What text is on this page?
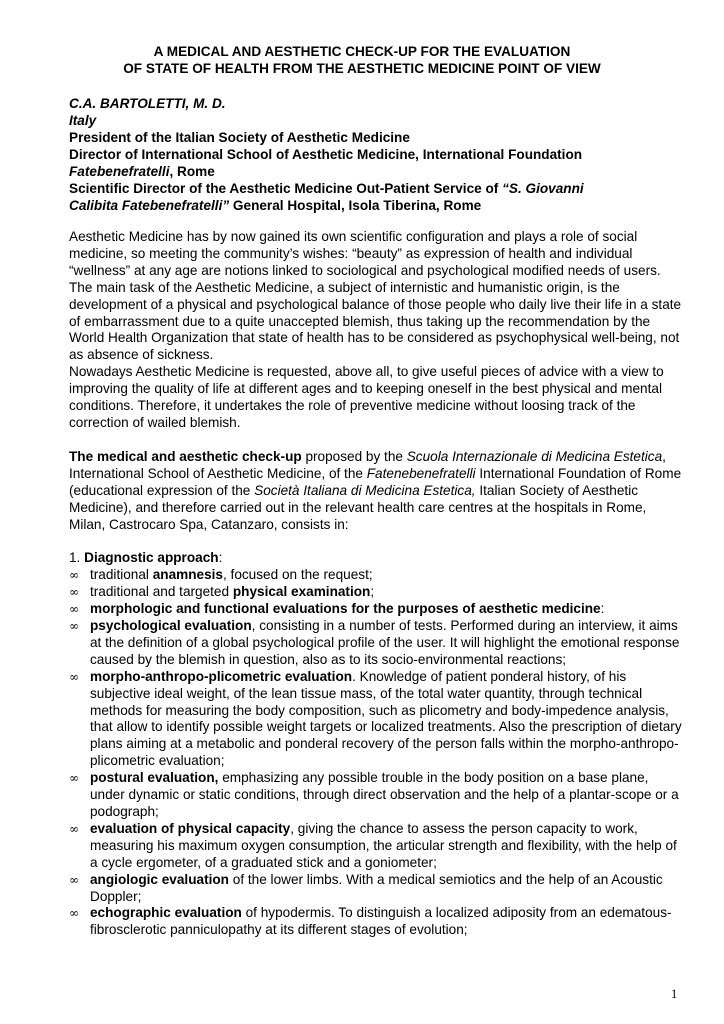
A MEDICAL AND AESTHETIC CHECK-UP FOR THE EVALUATION
OF STATE OF HEALTH FROM THE AESTHETIC MEDICINE POINT OF VIEW
C.A. BARTOLETTI, M. D.
Italy
President of the Italian Society of Aesthetic Medicine
Director of International School of Aesthetic Medicine, International Foundation
Fatebenefratelli, Rome
Scientific Director of the Aesthetic Medicine Out-Patient Service of “S. Giovanni
Calibita Fatebenefratelli” General Hospital, Isola Tiberina, Rome

Aesthetic Medicine has by now gained its own scientific configuration and plays a role of social medicine, so meeting the community’s wishes: “beauty” as expression of health and individual “wellness” at any age are notions linked to sociological and psychological modified needs of users.

The main task of the Aesthetic Medicine, a subject of internistic and humanistic origin, is the development of a physical and psychological balance of those people who daily live their life in a state of embarrassment due to a quite unaccepted blemish, thus taking up the recommendation by the World Health Organization that state of health has to be considered as psychophysical well-being, not as absence of sickness.

Nowadays Aesthetic Medicine is requested, above all, to give useful pieces of advice with a view to improving the quality of life at different ages and to keeping oneself in the best physical and mental conditions. Therefore, it undertakes the role of preventive medicine without loosing track of the correction of wailed blemish.

The medical and aesthetic check-up proposed by the Scuola Internazionale di Medicina Estetica, International School of Aesthetic Medicine, of the Fatenebenefratelli International Foundation of Rome (educational expression of the Società Italiana di Medicina Estetica, Italian Society of Aesthetic Medicine), and therefore carried out in the relevant health care centres at the hospitals in Rome, Milan, Castrocaro Spa, Catanzaro, consists in:

1. Diagnostic approach:

∞ traditional anamnesis, focused on the request;
∞ traditional and targeted physical examination;
∞ morphologic and functional evaluations for the purposes of aesthetic medicine:
∞ psychological evaluation, consisting in a number of tests. Performed during an interview, it aims at the definition of a global psychological profile of the user. It will highlight the emotional response caused by the blemish in question, also as to its socio-environmental reactions;
∞ morpho-anthropo-plicometric evaluation. Knowledge of patient ponderal history, of his subjective ideal weight, of the lean tissue mass, of the total water quantity, through technical methods for measuring the body composition, such as plicometry and body-impedence analysis, that allow to identify possible weight targets or localized treatments. Also the prescription of dietary plans aiming at a metabolic and ponderal recovery of the person falls within the morpho-anthropo-plicometric evaluation;
∞ postural evaluation, emphasizing any possible trouble in the body position on a base plane, under dynamic or static conditions, through direct observation and the help of a plantar-scope or a podograph;
∞ evaluation of physical capacity, giving the chance to assess the person capacity to work, measuring his maximum oxygen consumption, the articular strength and flexibility, with the help of a cycle ergometer, of a graduated stick and a goniometer;
∞ angiologic evaluation of the lower limbs. With a medical semiotics and the help of an Acoustic Doppler;
∞ echographic evaluation of hypodermis. To distinguish a localized adiposity from an edematous-fibrosclerotic panniculopathy at its different stages of evolution;
1
